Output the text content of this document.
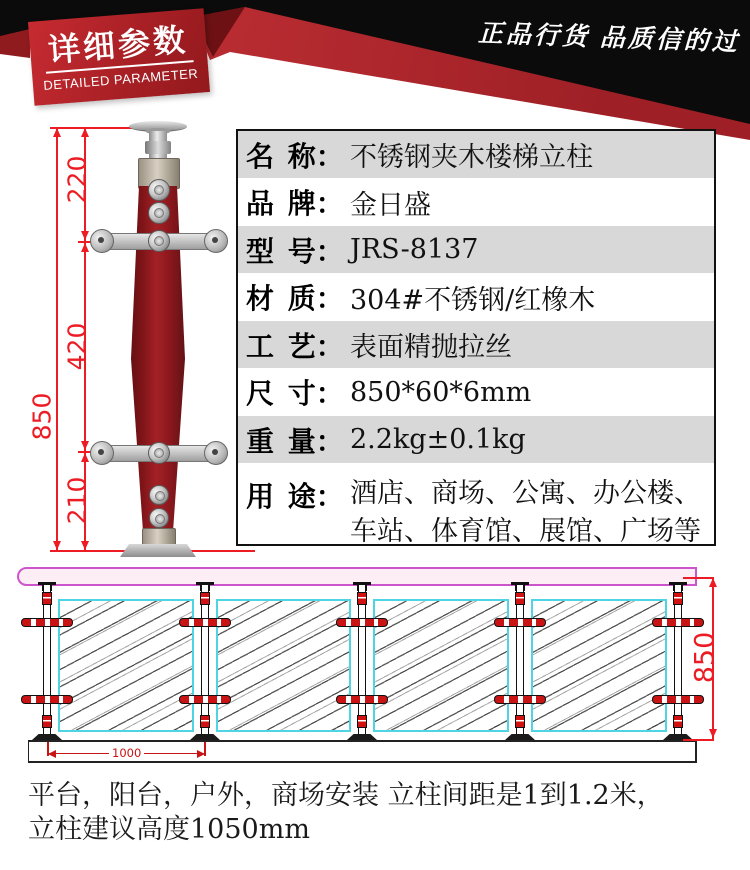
详细参数
DETAILED PARAMETER
正品行货 品质信的过
850
220
420
210
名 称： 不锈钢夹木楼梯立柱
品 牌： 金日盛
型 号： JRS-8137
材 质： 304#不锈钢/红橡木
工 艺： 表面精抛拉丝
尺 寸： 850*60*6mm
重 量： 2.2kg±0.1kg
用 途： 酒店、商场、公寓、办公楼、
车站、体育馆、展馆、广场等
1000
850
平台，阳台，户外，商场安装 立柱间距是1到1.2米，
立柱建议高度1050mm
